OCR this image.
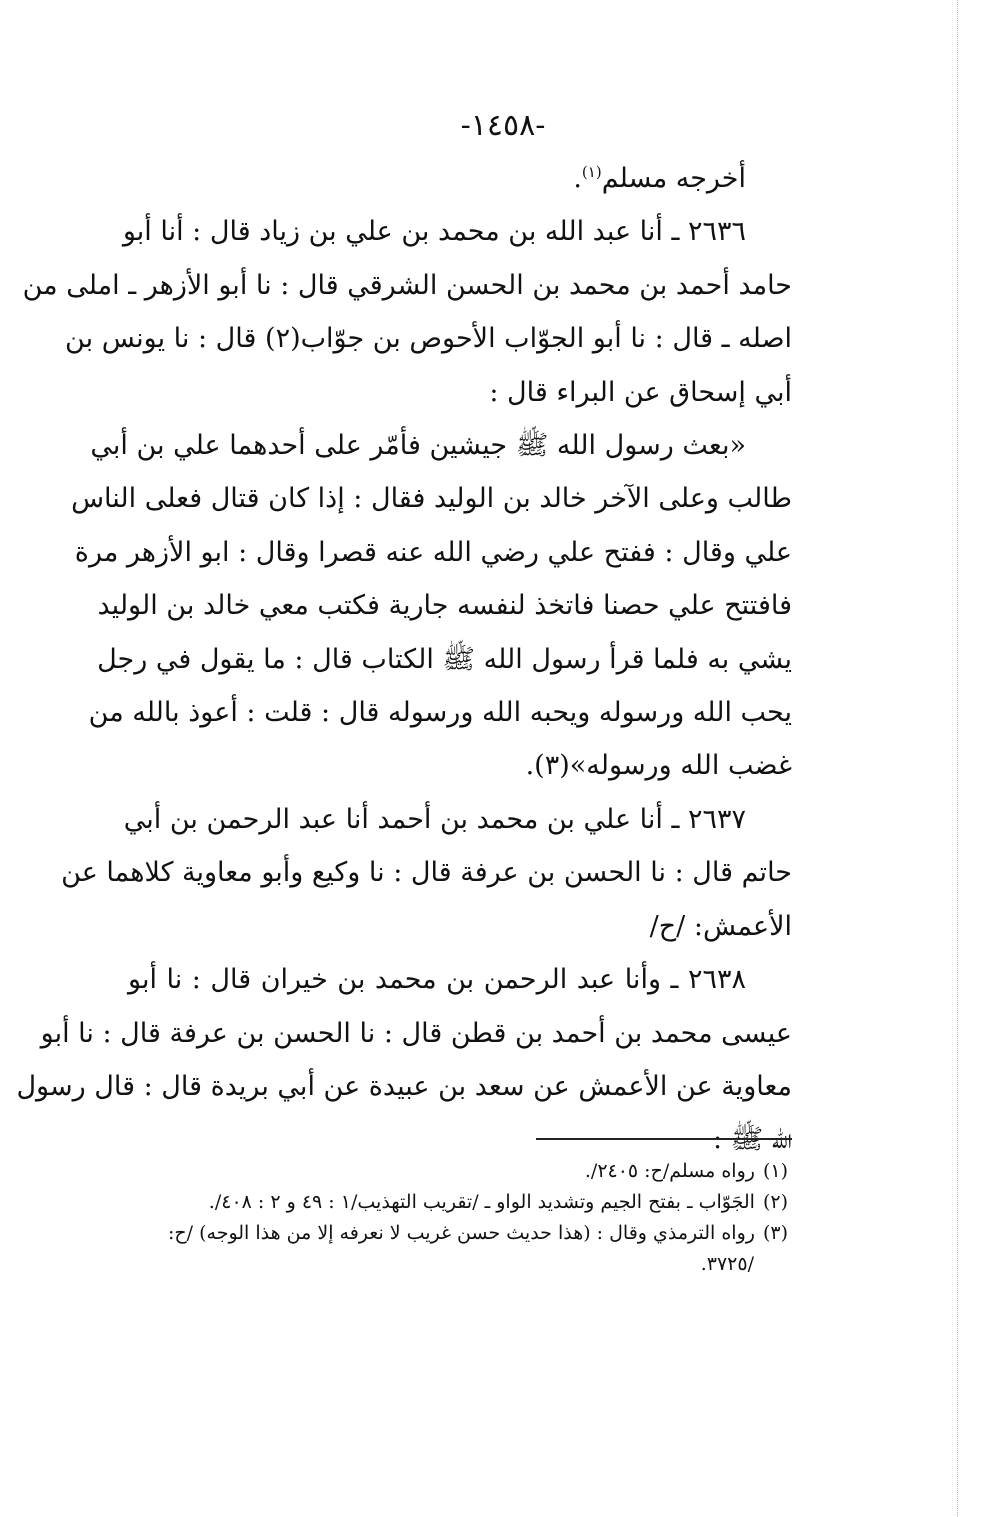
-١٤٥٨-

أخرجه مسلم$^{(١)}$.

٢٦٣٦ ـ أنا عبد الله بن محمد بن علي بن زياد قال : أنا أبو
حامد أحمد بن محمد بن الحسن الشرقي قال : نا أبو الأزهر ـ املى من
اصله ـ قال : نا أبو الجوّاب الأحوص بن جوّاب(٢) قال : نا يونس بن
أبي إسحاق عن البراء قال :
«بعث رسول الله ﷺ جيشين فأمّر على أحدهما علي بن أبي
طالب وعلى الآخر خالد بن الوليد فقال : إذا كان قتال فعلى الناس
علي وقال : ففتح علي رضي الله عنه قصرا وقال : ابو الأزهر مرة
فافتتح علي حصنا فاتخذ لنفسه جارية فكتب معي خالد بن الوليد
يشي به فلما قرأ رسول الله ﷺ الكتاب قال : ما يقول في رجل
يحب الله ورسوله ويحبه الله ورسوله قال : قلت : أعوذ بالله من
غضب الله ورسوله»(٣).
٢٦٣٧ ـ أنا علي بن محمد بن أحمد أنا عبد الرحمن بن أبي
حاتم قال : نا الحسن بن عرفة قال : نا وكيع وأبو معاوية كلاهما عن
الأعمش: /ح/
٢٦٣٨ ـ وأنا عبد الرحمن بن محمد بن خيران قال : نا أبو
عيسى محمد بن أحمد بن قطن قال : نا الحسن بن عرفة قال : نا أبو
معاوية عن الأعمش عن سعد بن عبيدة عن أبي بريدة قال : قال رسول
الله ﷺ :

(١)رواه مسلم/ح: ٢٤٠٥/.

(٢)الجَوّاب ـ بفتح الجيم وتشديد الواو ـ /تقريب التهذيب/١ : ٤٩ و ٢ : ٤٠٨/.

(٣)رواه الترمذي وقال : (هذا حديث حسن غريب لا نعرفه إلا من هذا الوجه) /ح:

/٣٧٢٥.
